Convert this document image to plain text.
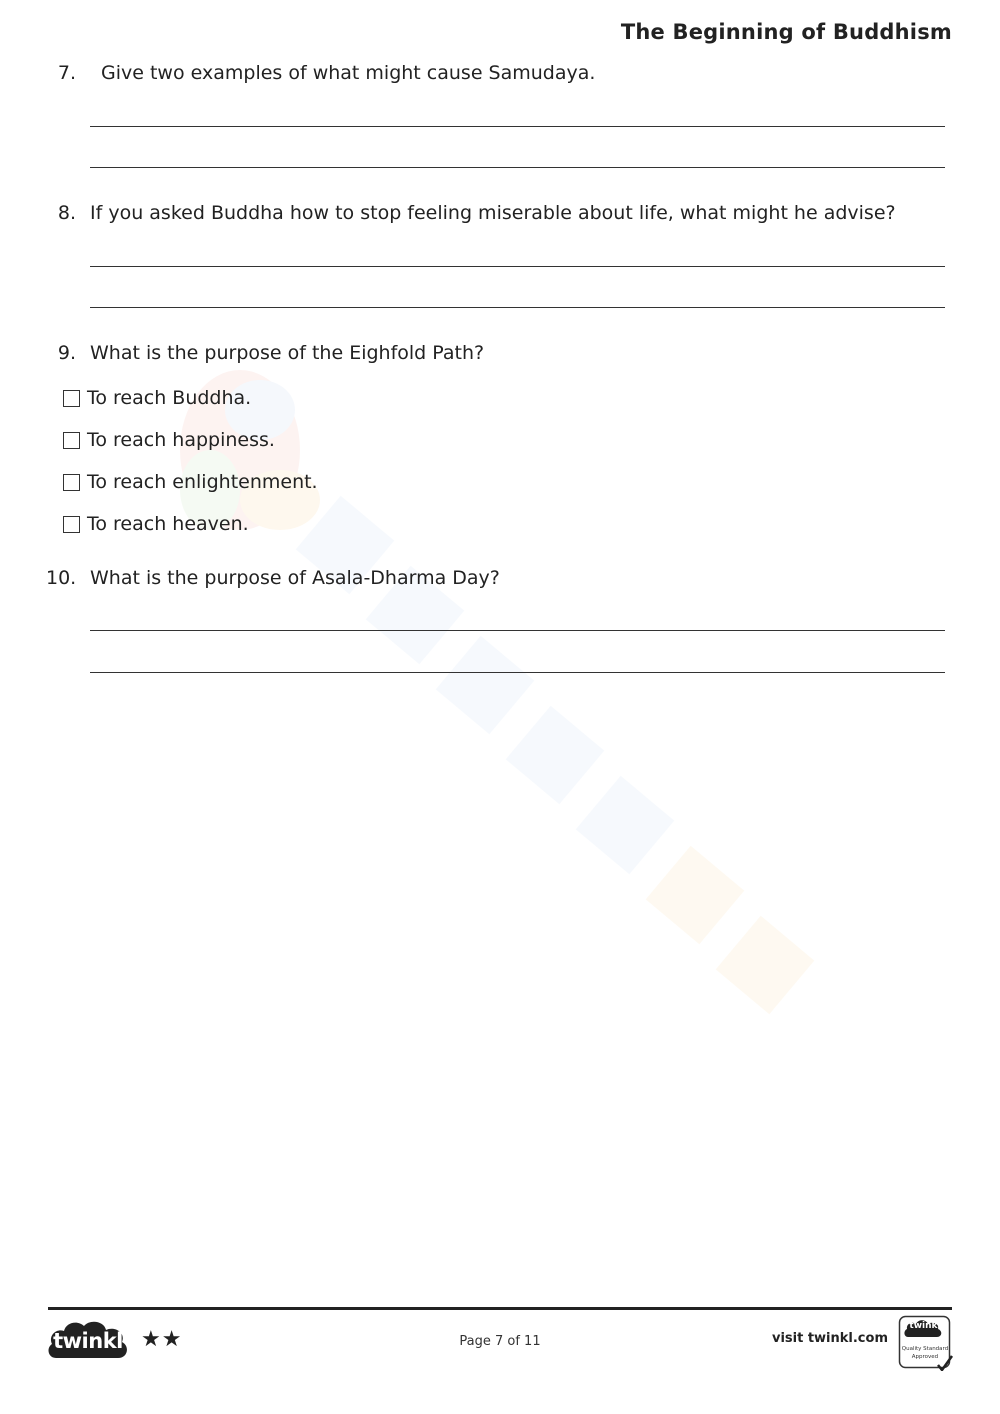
The Beginning of Buddhism
7. Give two examples of what might cause Samudaya.
8. If you asked Buddha how to stop feeling miserable about life, what might he advise?
9. What is the purpose of the Eighfold Path?
To reach Buddha.
To reach happiness.
To reach enlightenment.
To reach heaven.
10. What is the purpose of Asala-Dharma Day?
twinkl ★★	Page 7 of 11	visit twinkl.com
twinkl
Quality Standard
Approved
